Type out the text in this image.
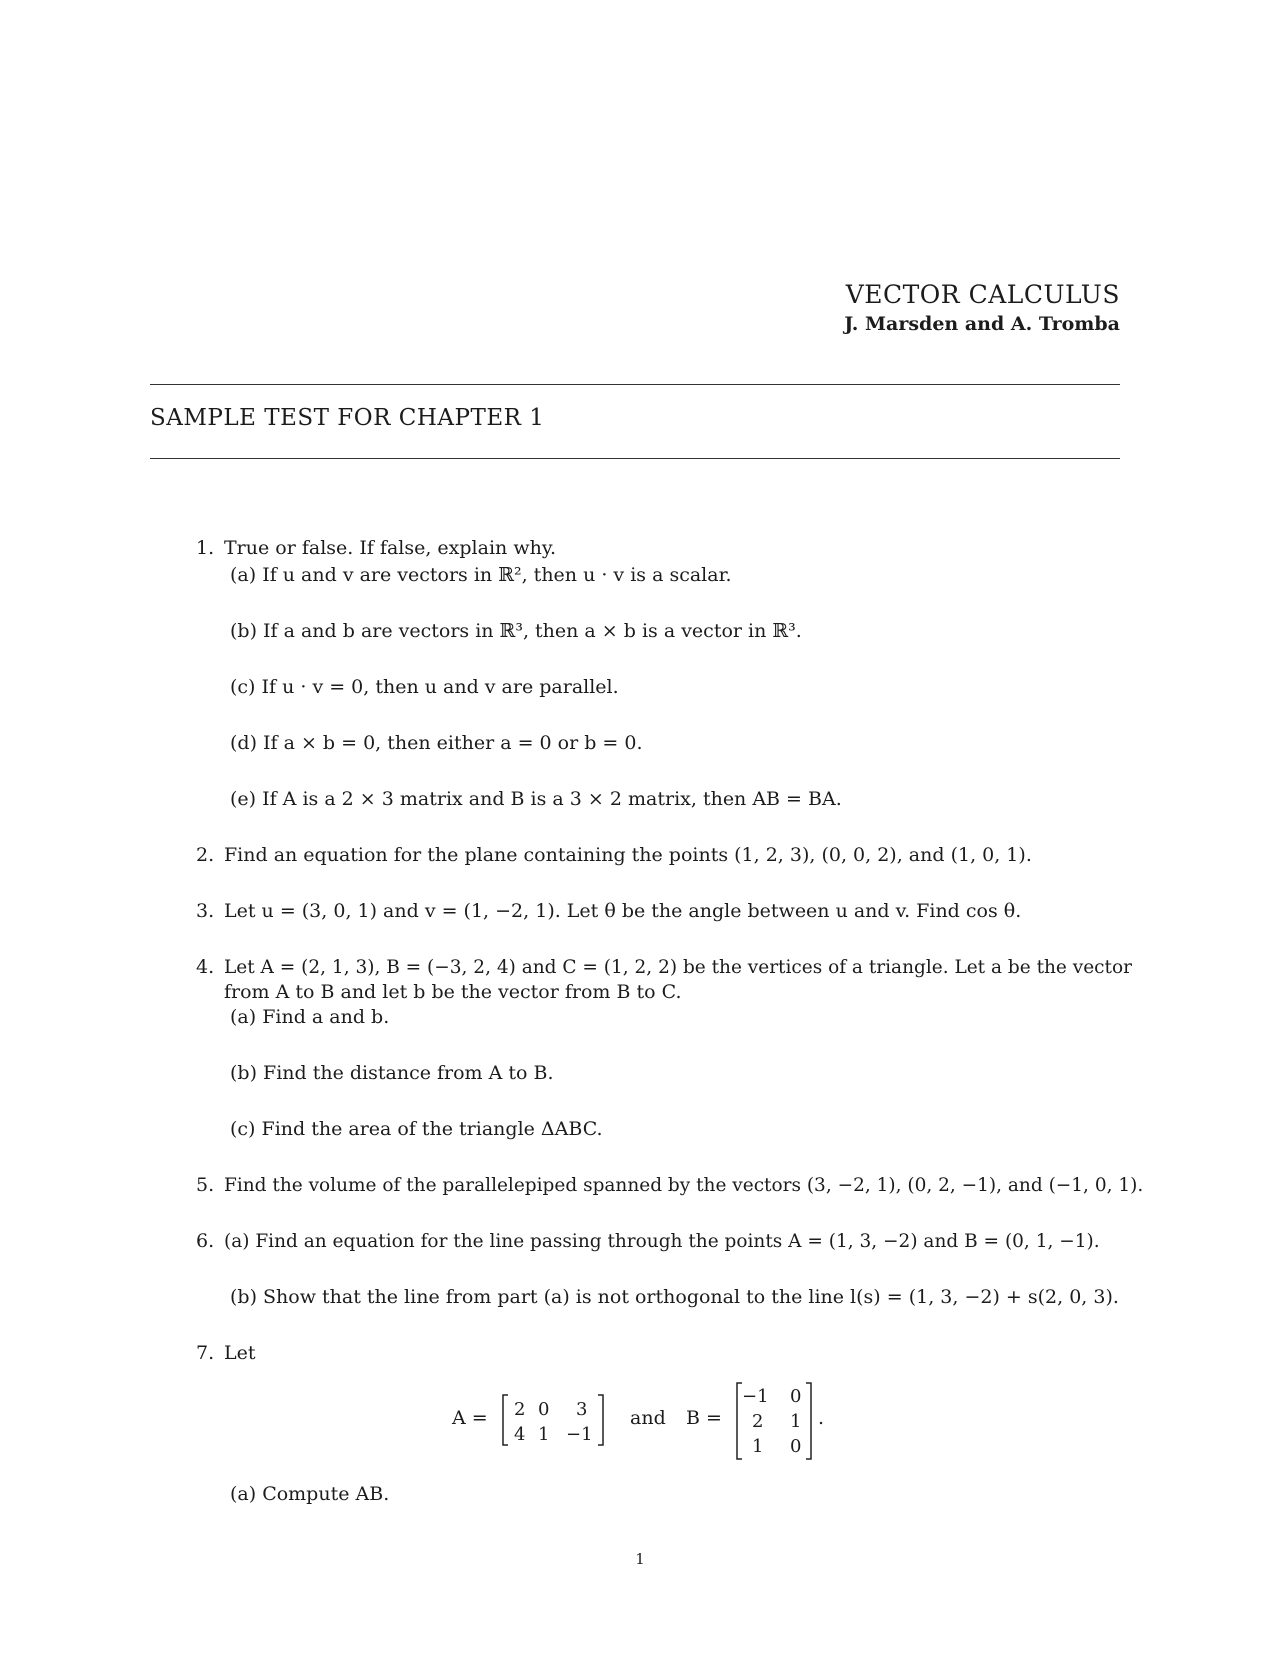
VECTOR CALCULUS
J. Marsden and A. Tromba
SAMPLE TEST FOR CHAPTER 1
1. True or false. If false, explain why.
(a) If u and v are vectors in ℝ², then u · v is a scalar.
(b) If a and b are vectors in ℝ³, then a × b is a vector in ℝ³.
(c) If u · v = 0, then u and v are parallel.
(d) If a × b = 0, then either a = 0 or b = 0.
(e) If A is a 2 × 3 matrix and B is a 3 × 2 matrix, then AB = BA.
2. Find an equation for the plane containing the points (1, 2, 3), (0, 0, 2), and (1, 0, 1).
3. Let u = (3, 0, 1) and v = (1, −2, 1). Let θ be the angle between u and v. Find cos θ.
4. Let A = (2, 1, 3), B = (−3, 2, 4) and C = (1, 2, 2) be the vertices of a triangle. Let a be the vector
from A to B and let b be the vector from B to C.
(a) Find a and b.
(b) Find the distance from A to B.
(c) Find the area of the triangle ΔABC.
5. Find the volume of the parallelepiped spanned by the vectors (3, −2, 1), (0, 2, −1), and (−1, 0, 1).
6. (a) Find an equation for the line passing through the points A = (1, 3, −2) and B = (0, 1, −1).
(b) Show that the line from part (a) is not orthogonal to the line l(s) = (1, 3, −2) + s(2, 0, 3).
7. Let
A = 2 0 3
4 1 −1
and B =
−1 0
2 1
1 0
.
(a) Compute AB.
1
